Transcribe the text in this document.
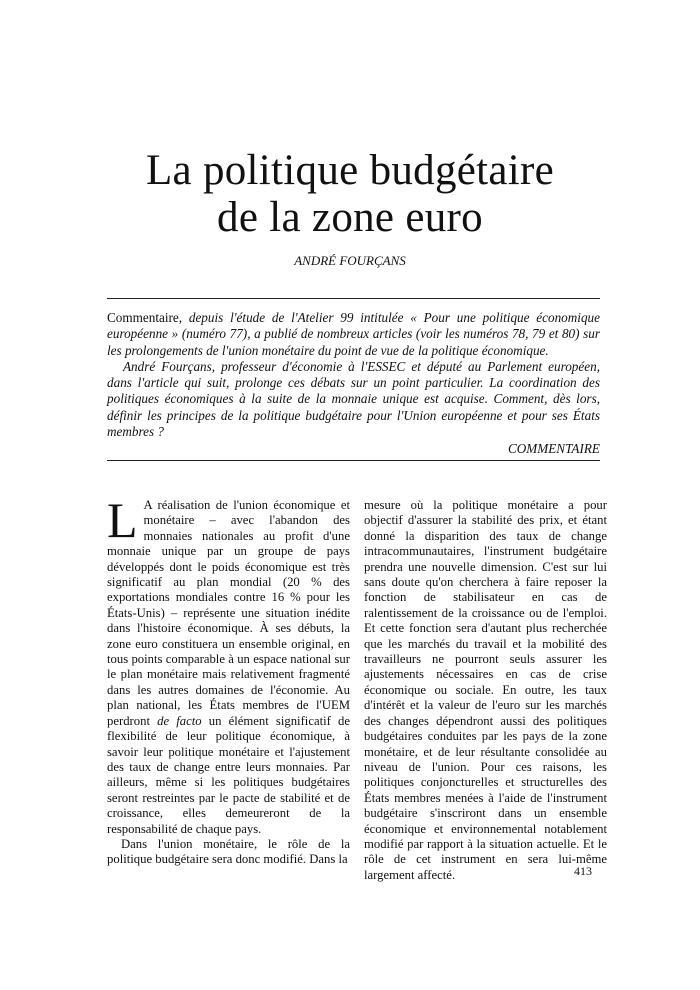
La politique budgétaire
de la zone euro

ANDRÉ FOURÇANS

Commentaire, depuis l'étude de l'Atelier 99 intitulée « Pour une politique économique européenne » (numéro 77), a publié de nombreux articles (voir les numéros 78, 79 et 80) sur les prolongements de l'union monétaire du point de vue de la politique économique.

André Fourçans, professeur d'économie à l'ESSEC et député au Parlement européen, dans l'article qui suit, prolonge ces débats sur un point particulier. La coordination des politiques économiques à la suite de la monnaie unique est acquise. Comment, dès lors, définir les principes de la politique budgétaire pour l'Union européenne et pour ses États membres ?

COMMENTAIRE

L A réalisation de l'union économique et monétaire – avec l'abandon des monnaies nationales au profit d'une monnaie unique par un groupe de pays développés dont le poids économique est très significatif au plan mondial (20 % des exportations mondiales contre 16 % pour les États-Unis) – représente une situation inédite dans l'histoire économique. À ses débuts, la zone euro constituera un ensemble original, en tous points comparable à un espace national sur le plan monétaire mais relativement fragmenté dans les autres domaines de l'économie. Au plan national, les États membres de l'UEM perdront de facto un élément significatif de flexibilité de leur politique économique, à savoir leur politique monétaire et l'ajustement des taux de change entre leurs monnaies. Par ailleurs, même si les politiques budgétaires seront restreintes par le pacte de stabilité et de croissance, elles demeureront de la responsabilité de chaque pays.

Dans l'union monétaire, le rôle de la politique budgétaire sera donc modifié. Dans la

mesure où la politique monétaire a pour objectif d'assurer la stabilité des prix, et étant donné la disparition des taux de change intracommunautaires, l'instrument budgétaire prendra une nouvelle dimension. C'est sur lui sans doute qu'on cherchera à faire reposer la fonction de stabilisateur en cas de ralentissement de la croissance ou de l'emploi. Et cette fonction sera d'autant plus recherchée que les marchés du travail et la mobilité des travailleurs ne pourront seuls assurer les ajustements nécessaires en cas de crise économique ou sociale. En outre, les taux d'intérêt et la valeur de l'euro sur les marchés des changes dépendront aussi des politiques budgétaires conduites par les pays de la zone monétaire, et de leur résultante consolidée au niveau de l'union. Pour ces raisons, les politiques conjoncturelles et structurelles des États membres menées à l'aide de l'instrument budgétaire s'inscriront dans un ensemble économique et environnemental notablement modifié par rapport à la situation actuelle. Et le rôle de cet instrument en sera lui-même largement affecté.	413
